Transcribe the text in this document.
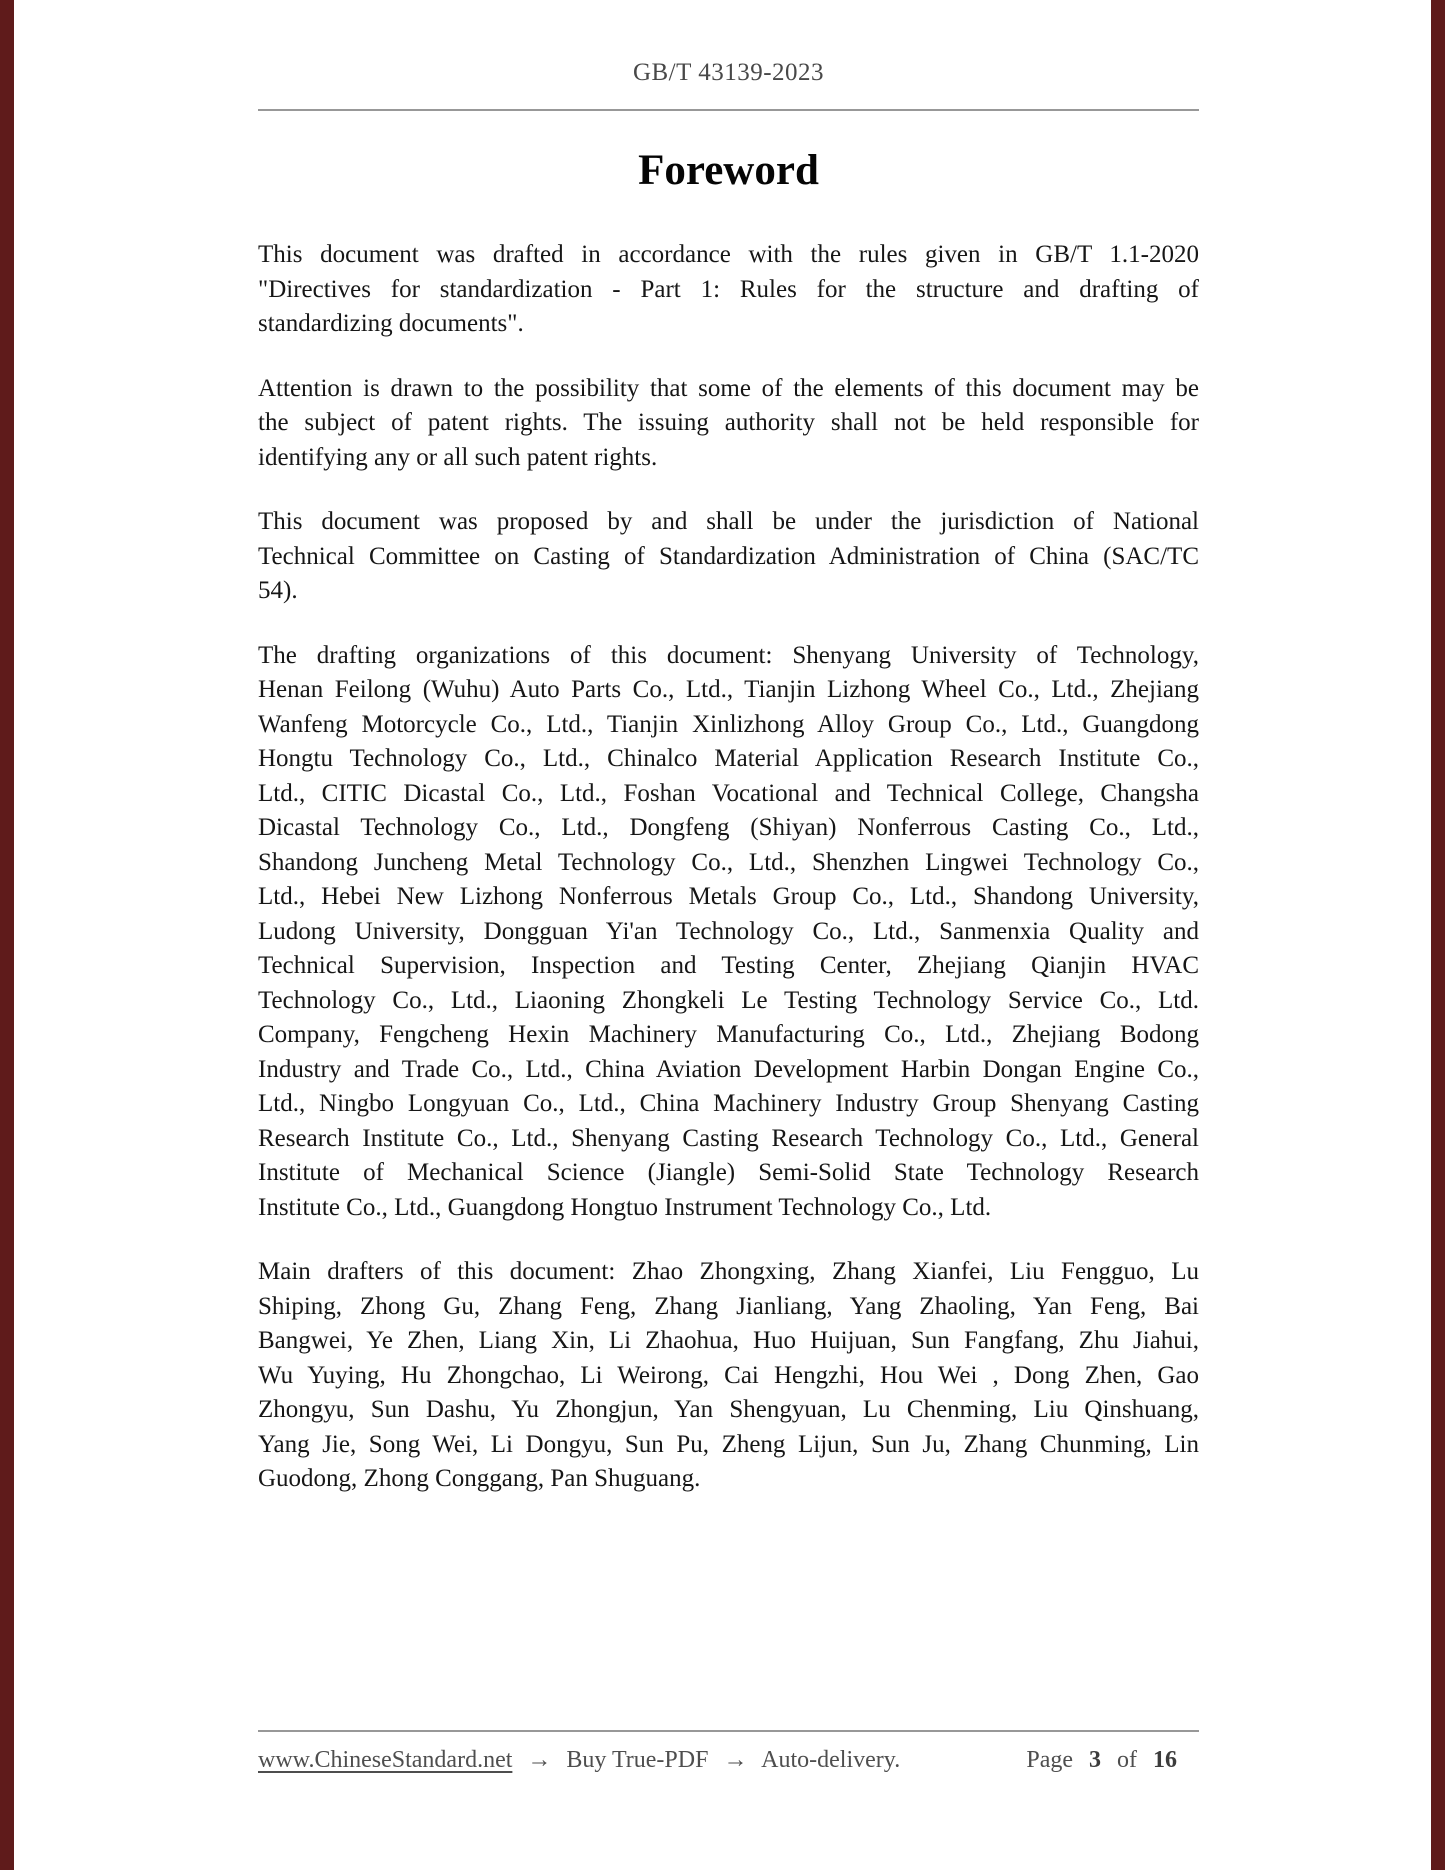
GB/T 43139-2023
Foreword
This document was drafted in accordance with the rules given in GB/T 1.1-2020
"Directives for standardization - Part 1: Rules for the structure and drafting of
standardizing documents".
Attention is drawn to the possibility that some of the elements of this document may be
the subject of patent rights. The issuing authority shall not be held responsible for
identifying any or all such patent rights.
This document was proposed by and shall be under the jurisdiction of National
Technical Committee on Casting of Standardization Administration of China (SAC/TC
54).
The drafting organizations of this document: Shenyang University of Technology,
Henan Feilong (Wuhu) Auto Parts Co., Ltd., Tianjin Lizhong Wheel Co., Ltd., Zhejiang
Wanfeng Motorcycle Co., Ltd., Tianjin Xinlizhong Alloy Group Co., Ltd., Guangdong
Hongtu Technology Co., Ltd., Chinalco Material Application Research Institute Co.,
Ltd., CITIC Dicastal Co., Ltd., Foshan Vocational and Technical College, Changsha
Dicastal Technology Co., Ltd., Dongfeng (Shiyan) Nonferrous Casting Co., Ltd.,
Shandong Juncheng Metal Technology Co., Ltd., Shenzhen Lingwei Technology Co.,
Ltd., Hebei New Lizhong Nonferrous Metals Group Co., Ltd., Shandong University,
Ludong University, Dongguan Yi'an Technology Co., Ltd., Sanmenxia Quality and
Technical Supervision, Inspection and Testing Center, Zhejiang Qianjin HVAC
Technology Co., Ltd., Liaoning Zhongkeli Le Testing Technology Service Co., Ltd.
Company, Fengcheng Hexin Machinery Manufacturing Co., Ltd., Zhejiang Bodong
Industry and Trade Co., Ltd., China Aviation Development Harbin Dongan Engine Co.,
Ltd., Ningbo Longyuan Co., Ltd., China Machinery Industry Group Shenyang Casting
Research Institute Co., Ltd., Shenyang Casting Research Technology Co., Ltd., General
Institute of Mechanical Science (Jiangle) Semi-Solid State Technology Research
Institute Co., Ltd., Guangdong Hongtuo Instrument Technology Co., Ltd.
Main drafters of this document: Zhao Zhongxing, Zhang Xianfei, Liu Fengguo, Lu
Shiping, Zhong Gu, Zhang Feng, Zhang Jianliang, Yang Zhaoling, Yan Feng, Bai
Bangwei, Ye Zhen, Liang Xin, Li Zhaohua, Huo Huijuan, Sun Fangfang, Zhu Jiahui,
Wu Yuying, Hu Zhongchao, Li Weirong, Cai Hengzhi, Hou Wei , Dong Zhen, Gao
Zhongyu, Sun Dashu, Yu Zhongjun, Yan Shengyuan, Lu Chenming, Liu Qinshuang,
Yang Jie, Song Wei, Li Dongyu, Sun Pu, Zheng Lijun, Sun Ju, Zhang Chunming, Lin
Guodong, Zhong Conggang, Pan Shuguang.
www.ChineseStandard.net → Buy True-PDF → Auto-delivery.	Page 3 of 16
